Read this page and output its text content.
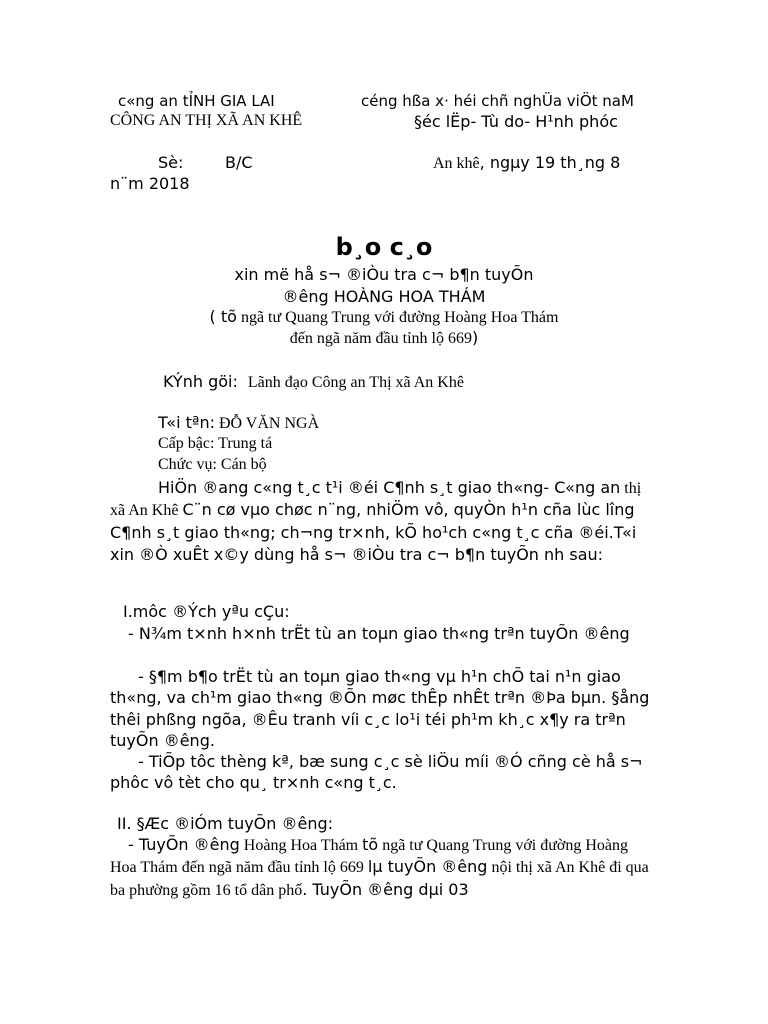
c«ng an tỈNH GIA LAI
CÔNG AN THỊ XÃ AN KHÊ
céng hßa x· héi chñ nghÜa viÖt naM
§éc lËp- Tù do- H¹nh phóc
Sè:	B/C	An khê, ngµy 19 th¸ng 8
n¨m 2018
b¸o c¸o
xin më hå s¬ ®iÒu tra c¬ b¶n tuyÕn
®êng HOÀNG HOA THÁM
( tõ ngã tư Quang Trung với đường Hoàng Hoa Thám
đến ngã năm đầu tỉnh lộ 669)
KÝnh göi: Lãnh đạo Công an Thị xã An Khê
T«i tªn: ĐỖ VĂN NGÀ
Cấp bậc: Trung tá
Chức vụ: Cán bộ
HiÖn ®ang c«ng t¸c t¹i ®éi C¶nh s¸t giao th«ng- C«ng an thị xã An Khê C¨n cø vµo chøc n¨ng, nhiÖm vô, quyÒn h¹n cña lùc lîng C¶nh s¸t giao th«ng; ch¬ng tr×nh, kÕ ho¹ch c«ng t¸c cña ®éi.T«i xin ®Ò xuÊt x©y dùng hå s¬ ®iÒu tra c¬ b¶n tuyÕn nh sau:
I.môc ®Ých yªu cÇu:
- N¾m t×nh h×nh trËt tù an toµn giao th«ng trªn tuyÕn ®êng
- §¶m b¶o trËt tù an toµn giao th«ng vµ h¹n chÕ tai n¹n giao th«ng, va ch¹m giao th«ng ®Õn møc thÊp nhÊt trªn ®Þa bµn. §ång thêi phßng ngõa, ®Êu tranh víi c¸c lo¹i téi ph¹m kh¸c x¶y ra trªn tuyÕn ®êng.
- TiÕp tôc thèng kª, bæ sung c¸c sè liÖu míi ®Ó cñng cè hå s¬ phôc vô tèt cho qu¸ tr×nh c«ng t¸c.
II. §Æc ®iÓm tuyÕn ®êng:
- TuyÕn ®êng Hoàng Hoa Thám tõ ngã tư Quang Trung với đường Hoàng Hoa Thám đến ngã năm đầu tỉnh lộ 669 lµ tuyÕn ®êng nội thị xã An Khê đi qua ba phường gồm 16 tổ dân phố. TuyÕn ®êng dµi 03
